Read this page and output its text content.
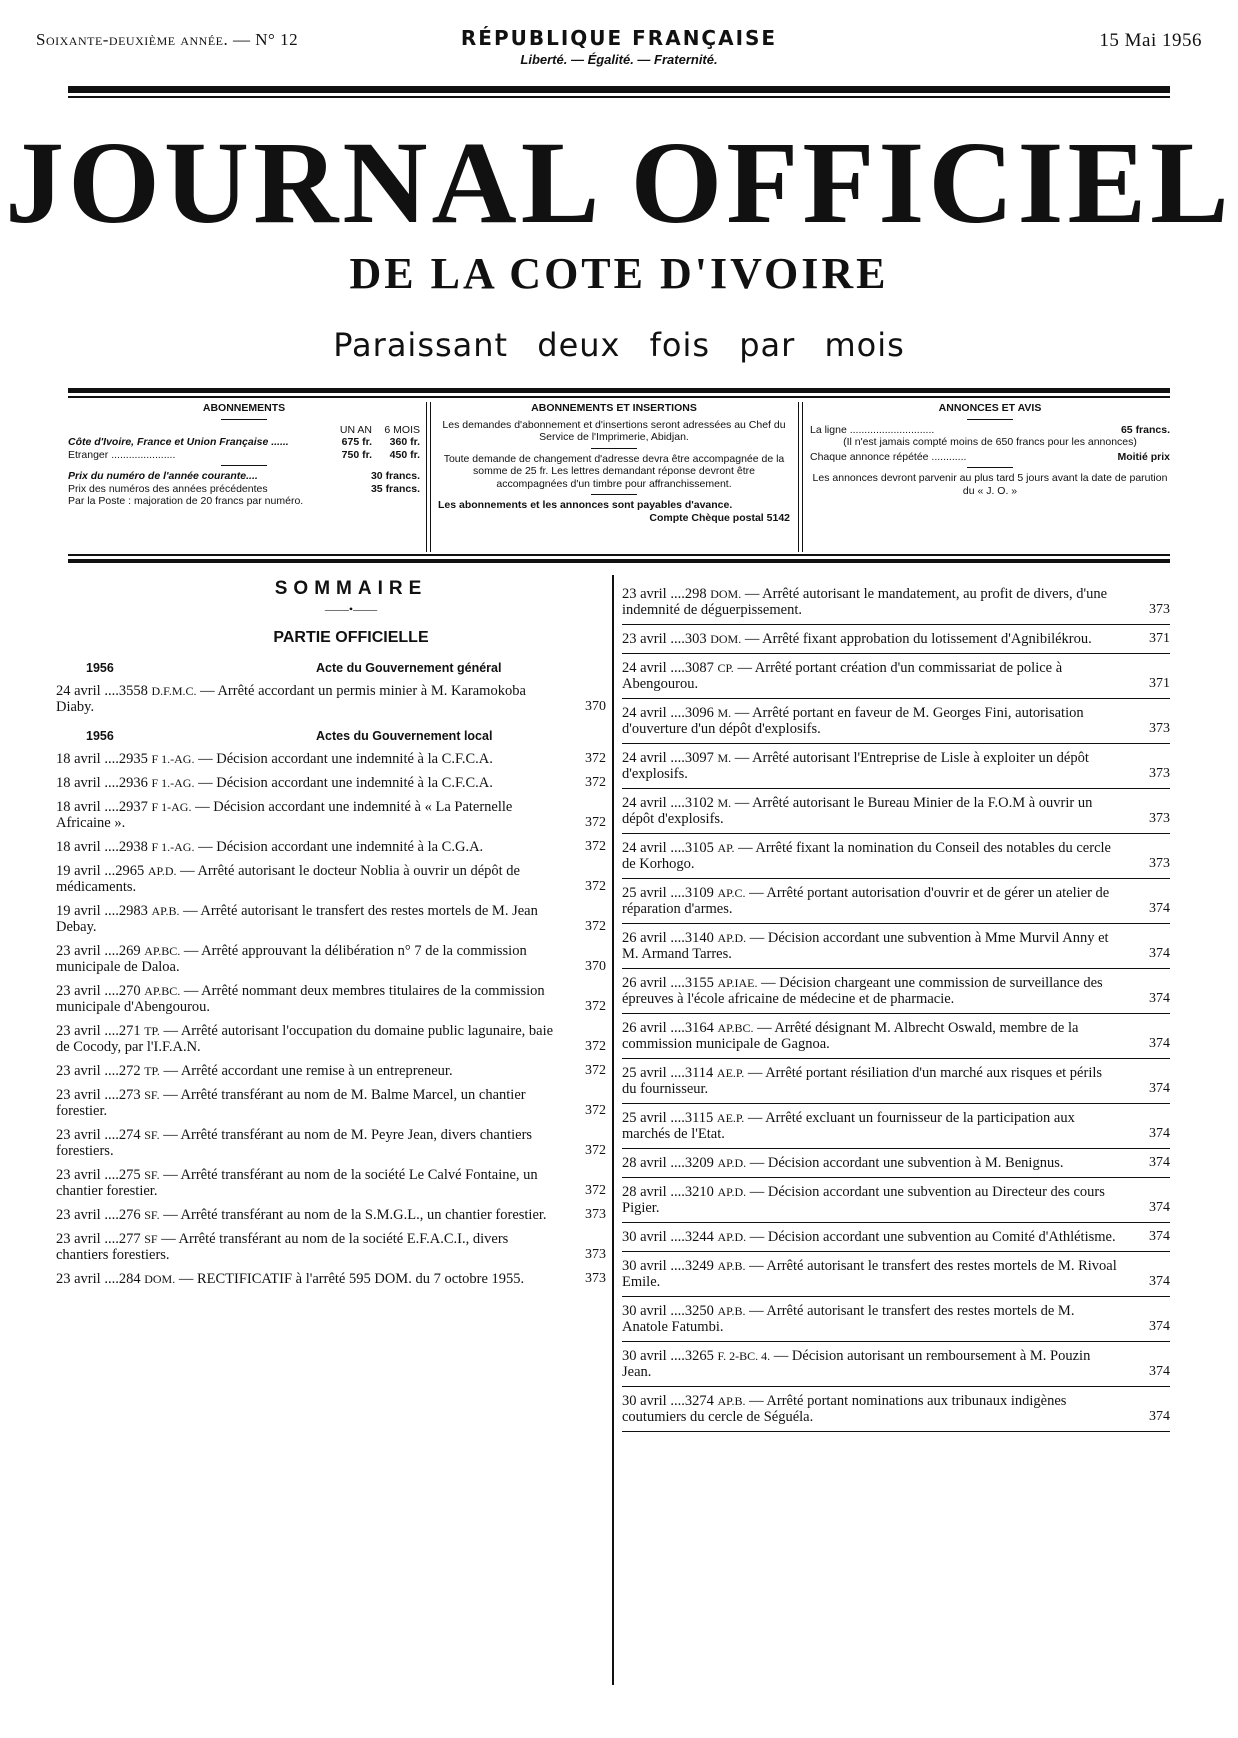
Soixante-deuxième année. — N° 12	RÉPUBLIQUE FRANÇAISE
Liberté. — Égalité. — Fraternité.
15 Mai 1956
JOURNAL OFFICIEL
DE LA COTE D'IVOIRE
Paraissant deux fois par mois
ABONNEMENTS
UN AN	6 MOIS
Côte d'Ivoire, France et Union Française ......	675 fr.	360 fr.
Etranger ......................	750 fr.	450 fr.
Prix du numéro de l'année courante....	30 francs.
Prix des numéros des années précédentes	35 francs.
Par la Poste : majoration de 20 francs par numéro.
ABONNEMENTS ET INSERTIONS

Les demandes d'abonnement et d'insertions seront adressées au Chef du Service de l'Imprimerie, Abidjan.

Toute demande de changement d'adresse devra être accompagnée de la somme de 25 fr. Les lettres demandant réponse devront être accompagnées d'un timbre pour affranchissement.

Les abonnements et les annonces sont payables d'avance.

Compte Chèque postal 5142

ANNONCES ET AVIS
La ligne .............................	65 francs.

(Il n'est jamais compté moins de 650 francs pour les annonces)

Chaque annonce répétée ............	Moitié prix

Les annonces devront parvenir au plus tard 5 jours avant la date de parution du « J. O. »

SOMMAIRE
——•——
PARTIE OFFICIELLE
1956	Acte du Gouvernement général
24 avril ....3558 D.F.M.C. — Arrêté accordant un permis minier à M. Karamokoba Diaby.	370
1956	Actes du Gouvernement local
18 avril ....2935 F 1.-AG. — Décision accordant une indemnité à la C.F.C.A.	372
18 avril ....2936 F 1.-AG. — Décision accordant une indemnité à la C.F.C.A.	372
18 avril ....2937 F 1-AG. — Décision accordant une indemnité à « La Paternelle Africaine ».	372
18 avril ....2938 F 1.-AG. — Décision accordant une indemnité à la C.G.A.	372
19 avril ...2965 AP.D. — Arrêté autorisant le docteur Noblia à ouvrir un dépôt de médicaments.	372
19 avril ....2983 AP.B. — Arrêté autorisant le transfert des restes mortels de M. Jean Debay.	372
23 avril ....269 AP.BC. — Arrêté approuvant la délibération n° 7 de la commission municipale de Daloa.	370
23 avril ....270 AP.BC. — Arrêté nommant deux membres titulaires de la commission municipale d'Abengourou.	372
23 avril ....271 TP. — Arrêté autorisant l'occupation du domaine public lagunaire, baie de Cocody, par l'I.F.A.N.	372
23 avril ....272 TP. — Arrêté accordant une remise à un entrepreneur.	372
23 avril ....273 SF. — Arrêté transférant au nom de M. Balme Marcel, un chantier forestier.	372
23 avril ....274 SF. — Arrêté transférant au nom de M. Peyre Jean, divers chantiers forestiers.	372
23 avril ....275 SF. — Arrêté transférant au nom de la société Le Calvé Fontaine, un chantier forestier.	372
23 avril ....276 SF. — Arrêté transférant au nom de la S.M.G.L., un chantier forestier.	373
23 avril ....277 SF — Arrêté transférant au nom de la société E.F.A.C.I., divers chantiers forestiers.	373
23 avril ....284 DOM. — RECTIFICATIF à l'arrêté 595 DOM. du 7 octobre 1955.	373
23 avril ....298 DOM. — Arrêté autorisant le mandatement, au profit de divers, d'une indemnité de déguerpissement.	373
23 avril ....303 DOM. — Arrêté fixant approbation du lotissement d'Agnibilékrou.	371
24 avril ....3087 CP. — Arrêté portant création d'un commissariat de police à Abengourou.	371
24 avril ....3096 M. — Arrêté portant en faveur de M. Georges Fini, autorisation d'ouverture d'un dépôt d'explosifs.	373
24 avril ....3097 M. — Arrêté autorisant l'Entreprise de Lisle à exploiter un dépôt d'explosifs.	373
24 avril ....3102 M. — Arrêté autorisant le Bureau Minier de la F.O.M à ouvrir un dépôt d'explosifs.	373
24 avril ....3105 AP. — Arrêté fixant la nomination du Conseil des notables du cercle de Korhogo.	373
25 avril ....3109 AP.C. — Arrêté portant autorisation d'ouvrir et de gérer un atelier de réparation d'armes.	374
26 avril ....3140 AP.D. — Décision accordant une subvention à Mme Murvil Anny et M. Armand Tarres.	374
26 avril ....3155 AP.IAE. — Décision chargeant une commission de surveillance des épreuves à l'école africaine de médecine et de pharmacie.	374
26 avril ....3164 AP.BC. — Arrêté désignant M. Albrecht Oswald, membre de la commission municipale de Gagnoa.	374
25 avril ....3114 AE.P. — Arrêté portant résiliation d'un marché aux risques et périls du fournisseur.	374
25 avril ....3115 AE.P. — Arrêté excluant un fournisseur de la participation aux marchés de l'Etat.	374
28 avril ....3209 AP.D. — Décision accordant une subvention à M. Benignus.	374
28 avril ....3210 AP.D. — Décision accordant une subvention au Directeur des cours Pigier.	374
30 avril ....3244 AP.D. — Décision accordant une subvention au Comité d'Athlétisme.	374
30 avril ....3249 AP.B. — Arrêté autorisant le transfert des restes mortels de M. Rivoal Emile.	374
30 avril ....3250 AP.B. — Arrêté autorisant le transfert des restes mortels de M. Anatole Fatumbi.	374
30 avril ....3265 F. 2-BC. 4. — Décision autorisant un remboursement à M. Pouzin Jean.	374
30 avril ....3274 AP.B. — Arrêté portant nominations aux tribunaux indigènes coutumiers du cercle de Séguéla.	374
